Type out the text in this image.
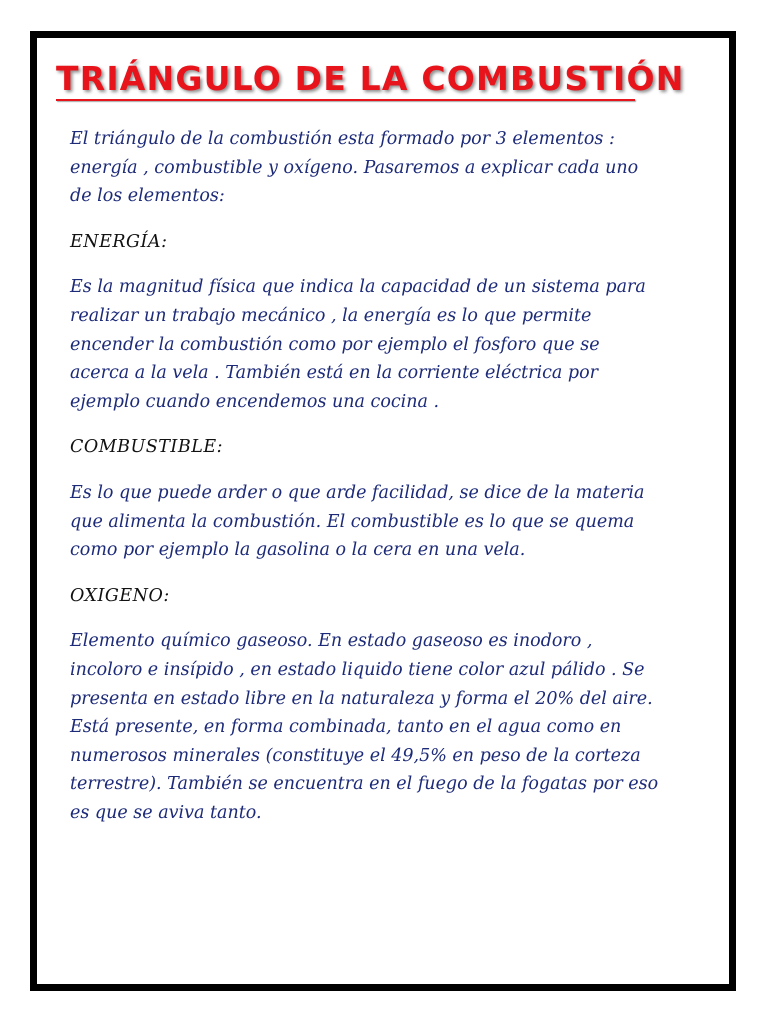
TRIÁNGULO DE LA COMBUSTIÓN

El triángulo de la combustión esta formado por 3 elementos : energía , combustible y oxígeno. Pasaremos a explicar cada uno de los elementos:

ENERGÍA:

Es la magnitud física que indica la capacidad de un sistema para realizar un trabajo mecánico , la energía es lo que permite encender la combustión como por ejemplo el fosforo que se acerca a la vela . También está en la corriente eléctrica por ejemplo cuando encendemos una cocina .

COMBUSTIBLE:

Es lo que puede arder o que arde facilidad, se dice de la materia que alimenta la combustión. El combustible es lo que se quema como por ejemplo la gasolina o la cera en una vela.

OXIGENO:

Elemento químico gaseoso. En estado gaseoso es inodoro , incoloro e insípido , en estado liquido tiene color azul pálido . Se presenta en estado libre en la naturaleza y forma el 20% del aire. Está presente, en forma combinada, tanto en el agua como en numerosos minerales (constituye el 49,5% en peso de la corteza terrestre). También se encuentra en el fuego de la fogatas por eso es que se aviva tanto.
